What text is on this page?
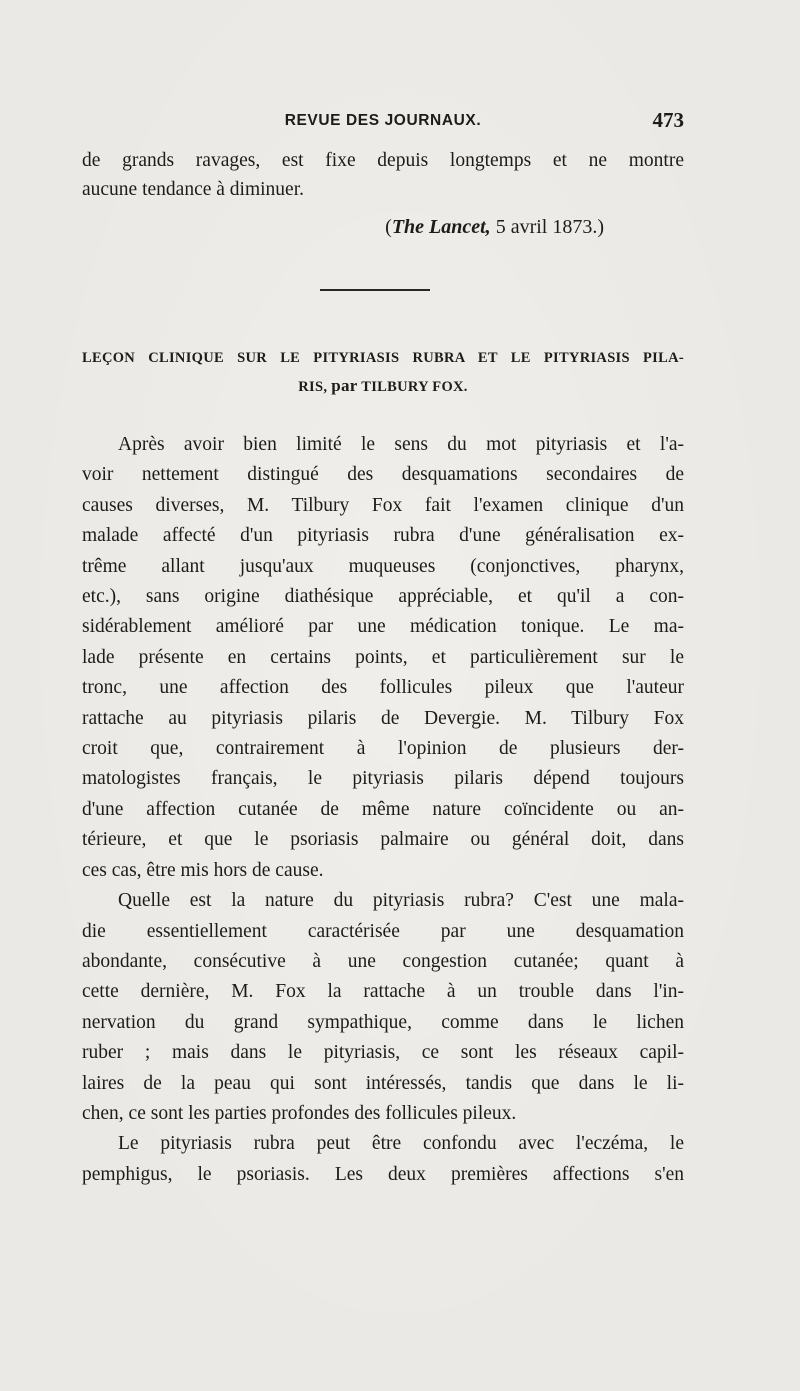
REVUE DES JOURNAUX.	473
de grands ravages, est fixe depuis longtemps et ne montre
aucune tendance à diminuer.
(The Lancet, 5 avril 1873.)
LEÇON CLINIQUE SUR LE PITYRIASIS RUBRA ET LE PITYRIASIS PILA-
RIS, par TILBURY FOX.
Après avoir bien limité le sens du mot pityriasis et l'a-
voir nettement distingué des desquamations secondaires de
causes diverses, M. Tilbury Fox fait l'examen clinique d'un
malade affecté d'un pityriasis rubra d'une généralisation ex-
trême allant jusqu'aux muqueuses (conjonctives, pharynx,
etc.), sans origine diathésique appréciable, et qu'il a con-
sidérablement amélioré par une médication tonique. Le ma-
lade présente en certains points, et particulièrement sur le
tronc, une affection des follicules pileux que l'auteur
rattache au pityriasis pilaris de Devergie. M. Tilbury Fox
croit que, contrairement à l'opinion de plusieurs der-
matologistes français, le pityriasis pilaris dépend toujours
d'une affection cutanée de même nature coïncidente ou an-
térieure, et que le psoriasis palmaire ou général doit, dans
ces cas, être mis hors de cause.
Quelle est la nature du pityriasis rubra? C'est une mala-
die essentiellement caractérisée par une desquamation
abondante, consécutive à une congestion cutanée; quant à
cette dernière, M. Fox la rattache à un trouble dans l'in-
nervation du grand sympathique, comme dans le lichen
ruber ; mais dans le pityriasis, ce sont les réseaux capil-
laires de la peau qui sont intéressés, tandis que dans le li-
chen, ce sont les parties profondes des follicules pileux.
Le pityriasis rubra peut être confondu avec l'eczéma, le
pemphigus, le psoriasis. Les deux premières affections s'en
